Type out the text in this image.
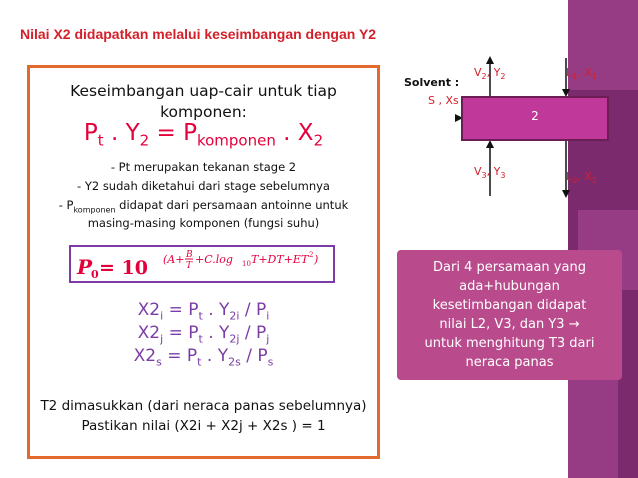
Nilai X2 didapatkan melalui keseimbangan dengan Y2
Keseimbangan uap-cair untuk tiap
komponen:
$P_t$ . $Y_2 = P_{komponen}$ . $X_2$
- Pt merupakan tekanan stage 2
- Y2 sudah diketahui dari stage sebelumnya
- $P_{komponen}$ didapat dari persamaan antoinne untuk
masing-masing komponen (fungsi suhu)
P
0 = 10 (A+ B
T +C.log 10 T+DT+ET 2 )
$X2_i = P_t$ . $Y_{2i} / P_i$
$X2_j = P_t$ . $Y_{2j} / P_j$
$X2_s = P_t$ . $Y_{2s} / P_s$
T2 dimasukkan (dari neraca panas sebelumnya)
Pastikan nilai (X2i + X2j + X2s ) = 1
2
Solvent :
S , Xs
$V_2$, $Y_2$	$L_1$, $X_1$
$V_3$, $Y_3$	$L_2$, $X_2$
Dari 4 persamaan yang
ada+hubungan
kesetimbangan didapat
nilai L2, V3, dan Y3 →
untuk menghitung T3 dari
neraca panas
